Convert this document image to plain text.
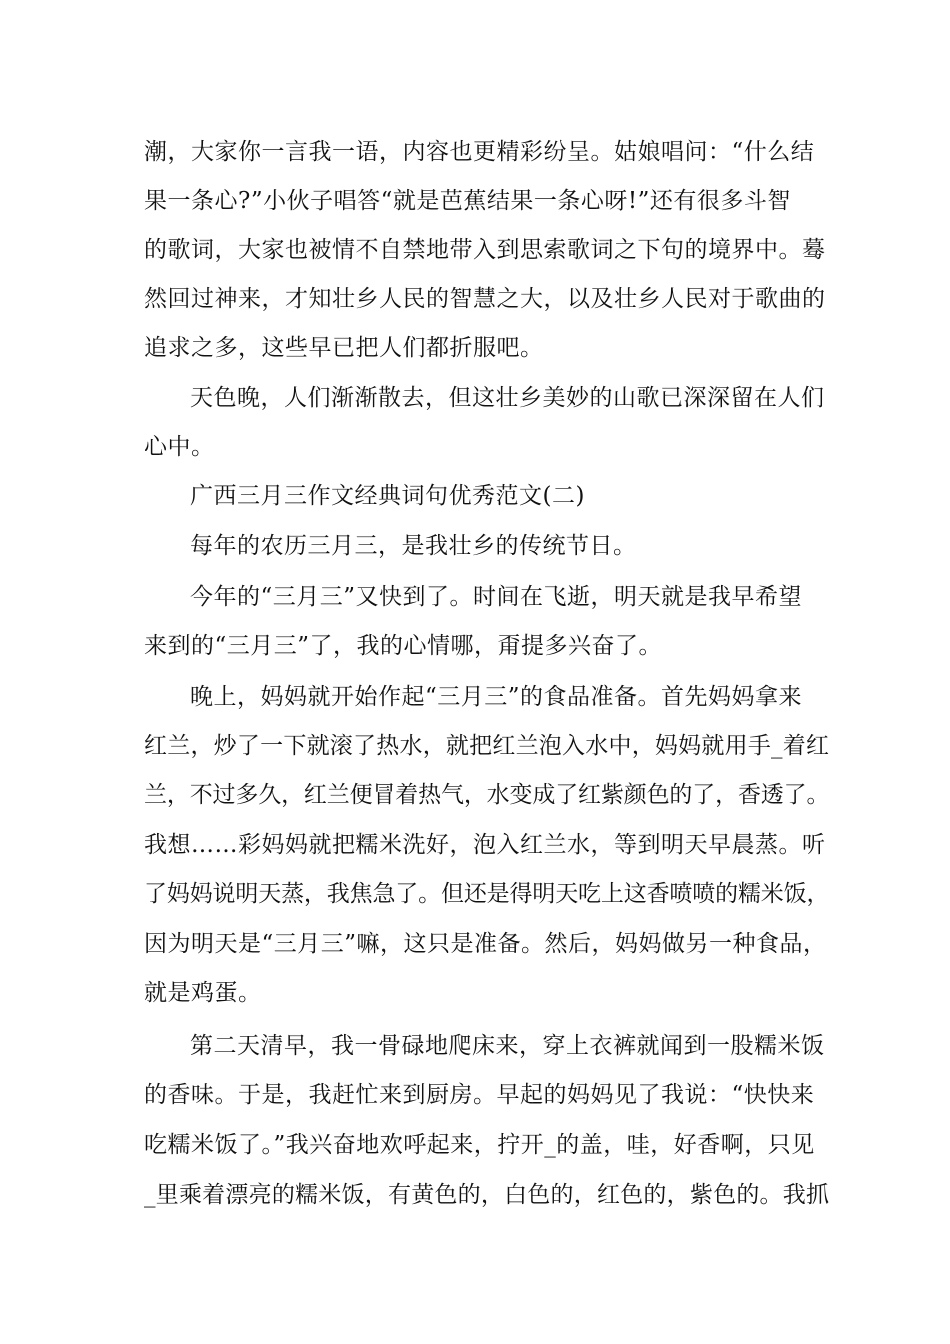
潮，大家你一言我一语，内容也更精彩纷呈。姑娘唱问：“什么结

果一条心?”小伙子唱答“就是芭蕉结果一条心呀!”还有很多斗智

的歌词，大家也被情不自禁地带入到思索歌词之下句的境界中。蓦

然回过神来，才知壮乡人民的智慧之大，以及壮乡人民对于歌曲的

追求之多，这些早已把人们都折服吧。

天色晚，人们渐渐散去，但这壮乡美妙的山歌已深深留在人们

心中。

广西三月三作文经典词句优秀范文(二)

每年的农历三月三，是我壮乡的传统节日。

今年的“三月三”又快到了。时间在飞逝，明天就是我早希望

来到的“三月三”了，我的心情哪，甭提多兴奋了。

晚上，妈妈就开始作起“三月三”的食品准备。首先妈妈拿来

红兰，炒了一下就滚了热水，就把红兰泡入水中，妈妈就用手_着红

兰，不过多久，红兰便冒着热气，水变成了红紫颜色的了，香透了。

我想……彩妈妈就把糯米洗好，泡入红兰水，等到明天早晨蒸。听

了妈妈说明天蒸，我焦急了。但还是得明天吃上这香喷喷的糯米饭，

因为明天是“三月三”嘛，这只是准备。然后，妈妈做另一种食品，

就是鸡蛋。

第二天清早，我一骨碌地爬床来，穿上衣裤就闻到一股糯米饭

的香味。于是，我赶忙来到厨房。早起的妈妈见了我说：“快快来

吃糯米饭了。”我兴奋地欢呼起来，拧开_的盖，哇，好香啊，只见

_里乘着漂亮的糯米饭，有黄色的，白色的，红色的，紫色的。我抓
